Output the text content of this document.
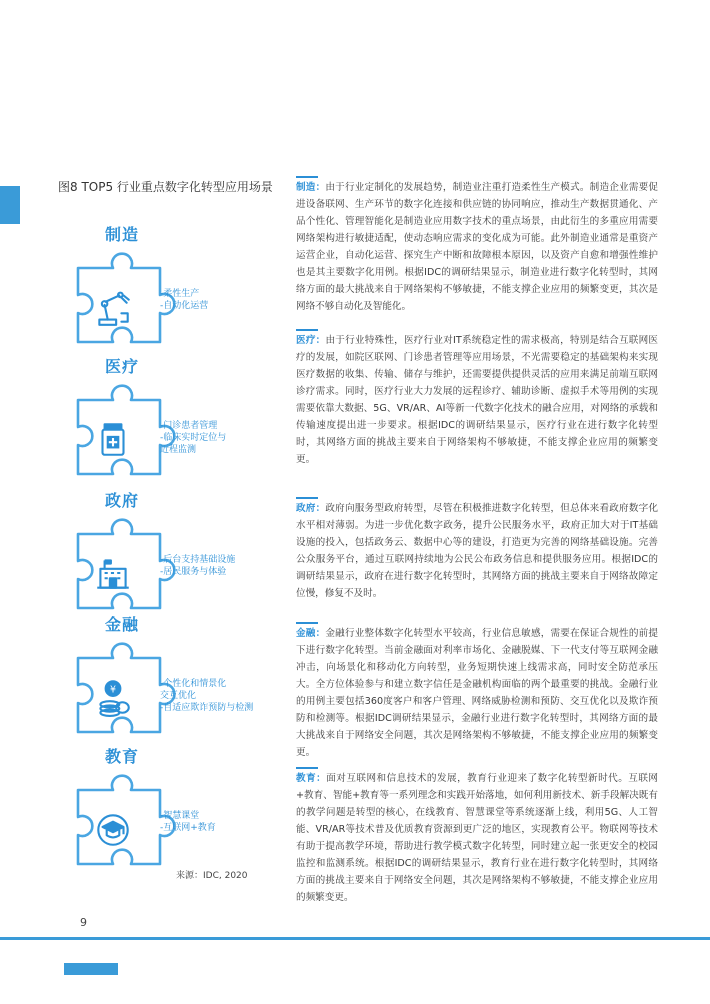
图8 TOP5 行业重点数字化转型应用场景
制造
-柔性生产
-自动化运营
医疗
-门诊患者管理
-临床实时定位与
近程监测
政府
-后台支持基础设施
-居民服务与体验
金融
¥
-个性化和情景化
交互优化
-自适应欺诈预防与检测
教育
-智慧课堂
-互联网+教育
制造：由于行业定制化的发展趋势，制造业注重打造柔性生产模式。制造企业需要促进设备联网、生产环节的数字化连接和供应链的协同响应，推动生产数据贯通化、产品个性化、管理智能化是制造业应用数字技术的重点场景，由此衍生的多重应用需要网络架构进行敏捷适配，使动态响应需求的变化成为可能。此外制造业通常是重资产运营企业，自动化运营、探究生产中断和故障根本原因，以及资产自愈和增强性维护也是其主要数字化用例。根据IDC的调研结果显示，制造业进行数字化转型时，其网络方面的最大挑战来自于网络架构不够敏捷，不能支撑企业应用的频繁变更，其次是网络不够自动化及智能化。
医疗：由于行业特殊性，医疗行业对IT系统稳定性的需求极高，特别是结合互联网医疗的发展，如院区联网、门诊患者管理等应用场景，不光需要稳定的基础架构来实现医疗数据的收集、传输、储存与维护，还需要提供提供灵活的应用来满足前端互联网诊疗需求。同时，医疗行业大力发展的远程诊疗、辅助诊断、虚拟手术等用例的实现需要依靠大数据、5G、VR/AR、AI等新一代数字化技术的融合应用，对网络的承载和传输速度提出进一步要求。根据IDC的调研结果显示，医疗行业在进行数字化转型时，其网络方面的挑战主要来自于网络架构不够敏捷，不能支撑企业应用的频繁变更。
政府：政府向服务型政府转型，尽管在积极推进数字化转型，但总体来看政府数字化水平相对薄弱。为进一步优化数字政务，提升公民服务水平，政府正加大对于IT基础设施的投入，包括政务云、数据中心等的建设，打造更为完善的网络基础设施。完善公众服务平台，通过互联网持续地为公民公布政务信息和提供服务应用。根据IDC的调研结果显示，政府在进行数字化转型时，其网络方面的挑战主要来自于网络故障定位慢，修复不及时。
金融：金融行业整体数字化转型水平较高，行业信息敏感，需要在保证合规性的前提下进行数字化转型。当前金融面对利率市场化、金融脱媒、下一代支付等互联网金融冲击，向场景化和移动化方向转型，业务短期快速上线需求高，同时安全防范承压大。全方位体验参与和建立数字信任是金融机构面临的两个最重要的挑战。金融行业的用例主要包括360度客户和客户管理、网络威胁检测和预防、交互优化以及欺诈预防和检测等。根据IDC调研结果显示，金融行业进行数字化转型时，其网络方面的最大挑战来自于网络安全问题，其次是网络架构不够敏捷，不能支撑企业应用的频繁变更。
教育：面对互联网和信息技术的发展，教育行业迎来了数字化转型新时代。互联网+教育、智能+教育等一系列理念和实践开始落地，如何利用新技术、新手段解决既有的教学问题是转型的核心，在线教育、智慧课堂等系统逐渐上线，利用5G、人工智能、VR/AR等技术普及优质教育资源到更广泛的地区，实现教育公平。物联网等技术有助于提高教学环境，帮助进行教学模式数字化转型，同时建立起一张更安全的校园监控和监测系统。根据IDC的调研结果显示，教育行业在进行数字化转型时，其网络方面的挑战主要来自于网络安全问题，其次是网络架构不够敏捷，不能支撑企业应用的频繁变更。
来源：IDC, 2020
9
